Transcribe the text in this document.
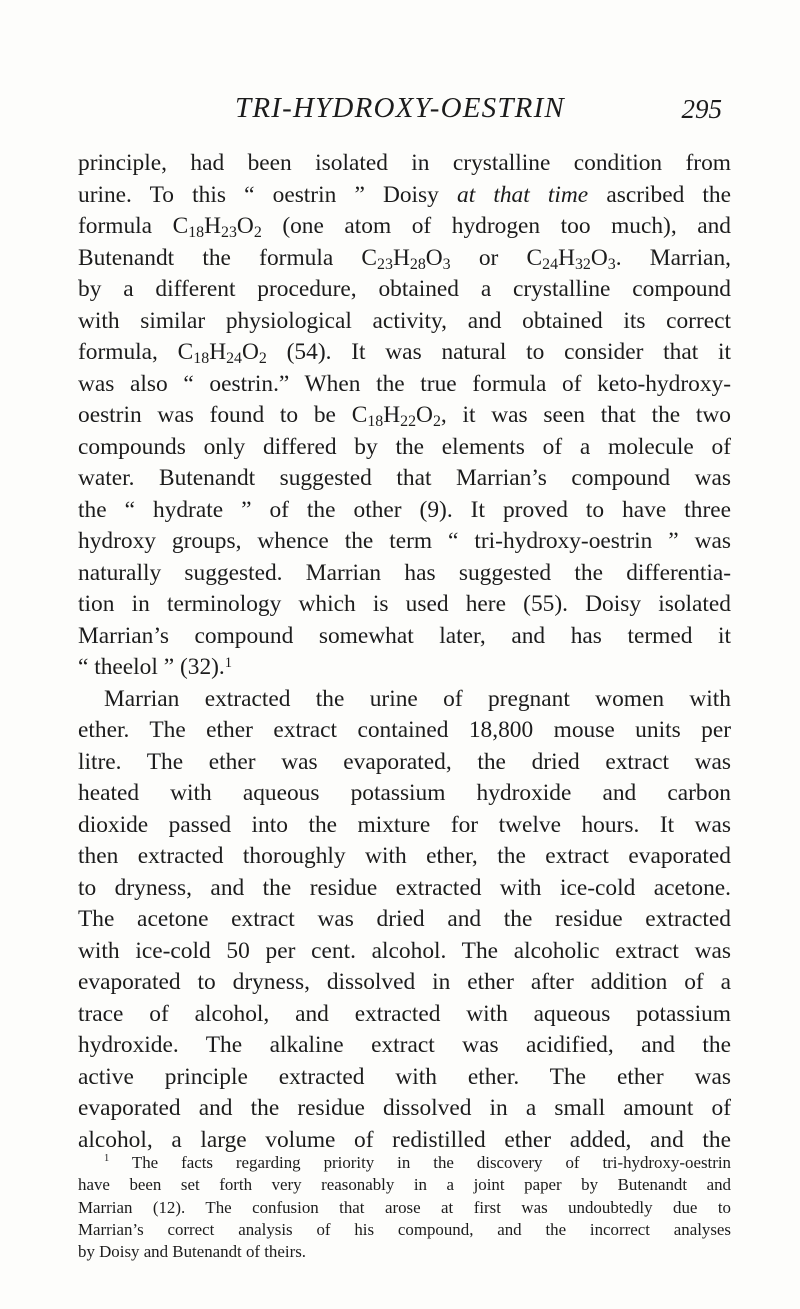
TRI-HYDROXY-OESTRIN	295
principle, had been isolated in crystalline condition from
urine. To this “ oestrin ” Doisy at that time ascribed the
formula $C_{18}H_{23}O_2$ (one atom of hydrogen too much), and
Butenandt the formula $C_{23}H_{28}O_3$ or $C_{24}H_{32}O_3$. Marrian,
by a different procedure, obtained a crystalline compound
with similar physiological activity, and obtained its correct
formula, $C_{18}H_{24}O_2$ (54). It was natural to consider that it
was also “ oestrin.” When the true formula of keto-hydroxy-
oestrin was found to be $C_{18}H_{22}O_2$, it was seen that the two
compounds only differed by the elements of a molecule of
water. Butenandt suggested that Marrian’s compound was
the “ hydrate ” of the other (9). It proved to have three
hydroxy groups, whence the term “ tri-hydroxy-oestrin ” was
naturally suggested. Marrian has suggested the differentia-
tion in terminology which is used here (55). Doisy isolated
Marrian’s compound somewhat later, and has termed it
“ theelol ” (32).$^1$
Marrian extracted the urine of pregnant women with
ether. The ether extract contained 18,800 mouse units per
litre. The ether was evaporated, the dried extract was
heated with aqueous potassium hydroxide and carbon
dioxide passed into the mixture for twelve hours. It was
then extracted thoroughly with ether, the extract evaporated
to dryness, and the residue extracted with ice-cold acetone.
The acetone extract was dried and the residue extracted
with ice-cold 50 per cent. alcohol. The alcoholic extract was
evaporated to dryness, dissolved in ether after addition of a
trace of alcohol, and extracted with aqueous potassium
hydroxide. The alkaline extract was acidified, and the
active principle extracted with ether. The ether was
evaporated and the residue dissolved in a small amount of
alcohol, a large volume of redistilled ether added, and the
$^1$ The facts regarding priority in the discovery of tri-hydroxy-oestrin
have been set forth very reasonably in a joint paper by Butenandt and
Marrian (12). The confusion that arose at first was undoubtedly due to
Marrian’s correct analysis of his compound, and the incorrect analyses
by Doisy and Butenandt of theirs.
